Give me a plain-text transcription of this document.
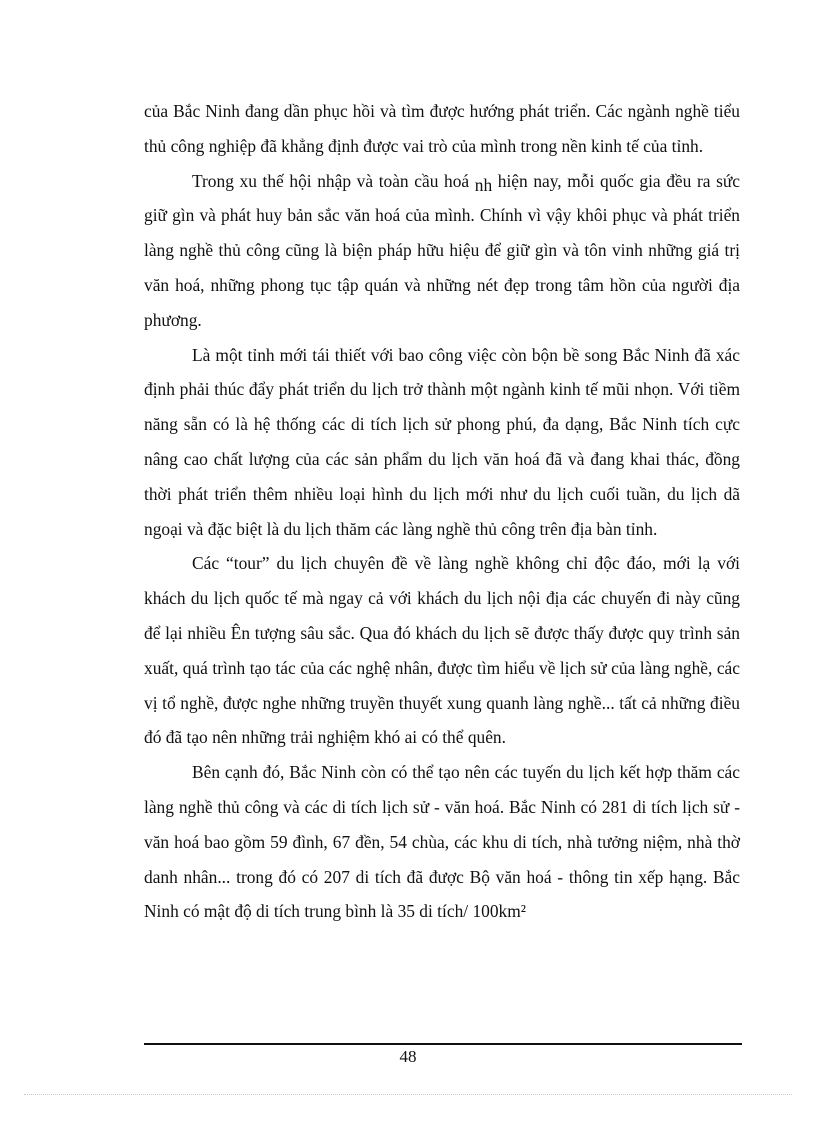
của Bắc Ninh đang dần phục hồi và tìm được hướng phát triển. Các ngành nghề tiểu thủ công nghiệp đã khẳng định được vai trò của mình trong nền kinh tế của tỉnh.

Trong xu thế hội nhập và toàn cầu hoá nh hiện nay, mỗi quốc gia đều ra sức giữ gìn và phát huy bản sắc văn hoá của mình. Chính vì vậy khôi phục và phát triển làng nghề thủ công cũng là biện pháp hữu hiệu để giữ gìn và tôn vinh những giá trị văn hoá, những phong tục tập quán và những nét đẹp trong tâm hồn của người địa phương.

Là một tỉnh mới tái thiết với bao công việc còn bộn bề song Bắc Ninh đã xác định phải thúc đẩy phát triển du lịch trở thành một ngành kinh tế mũi nhọn. Với tiềm năng sẵn có là hệ thống các di tích lịch sử phong phú, đa dạng, Bắc Ninh tích cực nâng cao chất lượng của các sản phẩm du lịch văn hoá đã và đang khai thác, đồng thời phát triển thêm nhiều loại hình du lịch mới như du lịch cuối tuần, du lịch dã ngoại và đặc biệt là du lịch thăm các làng nghề thủ công trên địa bàn tỉnh.

Các “tour” du lịch chuyên đề về làng nghề không chỉ độc đáo, mới lạ với khách du lịch quốc tế mà ngay cả với khách du lịch nội địa các chuyến đi này cũng để lại nhiều Ên tượng sâu sắc. Qua đó khách du lịch sẽ được thấy được quy trình sản xuất, quá trình tạo tác của các nghệ nhân, được tìm hiểu về lịch sử của làng nghề, các vị tổ nghề, được nghe những truyền thuyết xung quanh làng nghề... tất cả những điều đó đã tạo nên những trải nghiệm khó ai có thể quên.

Bên cạnh đó, Bắc Ninh còn có thể tạo nên các tuyến du lịch kết hợp thăm các làng nghề thủ công và các di tích lịch sử - văn hoá. Bắc Ninh có 281 di tích lịch sử - văn hoá bao gồm 59 đình, 67 đền, 54 chùa, các khu di tích, nhà tưởng niệm, nhà thờ danh nhân... trong đó có 207 di tích đã được Bộ văn hoá - thông tin xếp hạng. Bắc Ninh có mật độ di tích trung bình là 35 di tích/ 100km²

48
